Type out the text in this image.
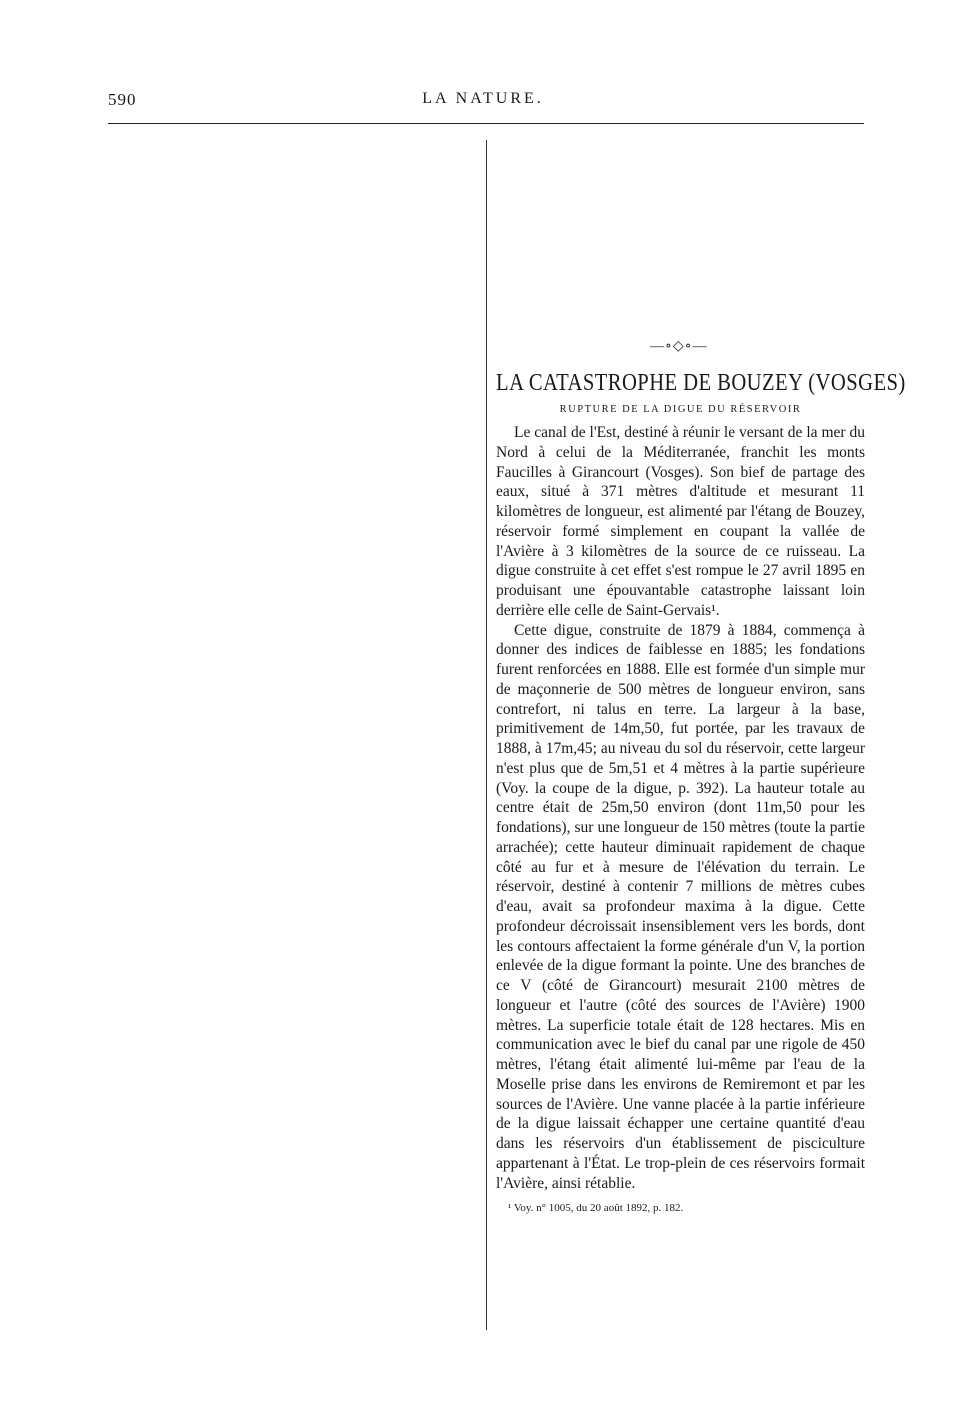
590	LA NATURE.
—∘◇∘—
LA CATASTROPHE DE BOUZEY (VOSGES)
RUPTURE DE LA DIGUE DU RÉSERVOIR

Le canal de l'Est, destiné à réunir le versant de la mer du Nord à celui de la Méditerranée, franchit les monts Faucilles à Girancourt (Vosges). Son bief de partage des eaux, situé à 371 mètres d'altitude et mesurant 11 kilomètres de longueur, est alimenté par l'étang de Bouzey, réservoir formé simplement en coupant la vallée de l'Avière à 3 kilomètres de la source de ce ruisseau. La digue construite à cet effet s'est rompue le 27 avril 1895 en produisant une épouvantable catastrophe laissant loin derrière elle celle de Saint-Gervais¹.

Cette digue, construite de 1879 à 1884, commença à donner des indices de faiblesse en 1885; les fondations furent renforcées en 1888. Elle est formée d'un simple mur de maçonnerie de 500 mètres de longueur environ, sans contrefort, ni talus en terre. La largeur à la base, primitivement de 14m,50, fut portée, par les travaux de 1888, à 17m,45; au niveau du sol du réservoir, cette largeur n'est plus que de 5m,51 et 4 mètres à la partie supérieure (Voy. la coupe de la digue, p. 392). La hauteur totale au centre était de 25m,50 environ (dont 11m,50 pour les fondations), sur une longueur de 150 mètres (toute la partie arrachée); cette hauteur diminuait rapidement de chaque côté au fur et à mesure de l'élévation du terrain. Le réservoir, destiné à contenir 7 millions de mètres cubes d'eau, avait sa profondeur maxima à la digue. Cette profondeur décroissait insensiblement vers les bords, dont les contours affectaient la forme générale d'un V, la portion enlevée de la digue formant la pointe. Une des branches de ce V (côté de Girancourt) mesurait 2100 mètres de longueur et l'autre (côté des sources de l'Avière) 1900 mètres. La superficie totale était de 128 hectares. Mis en communication avec le bief du canal par une rigole de 450 mètres, l'étang était alimenté lui-même par l'eau de la Moselle prise dans les environs de Remiremont et par les sources de l'Avière. Une vanne placée à la partie inférieure de la digue laissait échapper une certaine quantité d'eau dans les réservoirs d'un établissement de pisciculture appartenant à l'État. Le trop-plein de ces réservoirs formait l'Avière, ainsi rétablie.

¹ Voy. n° 1005, du 20 août 1892, p. 182.
